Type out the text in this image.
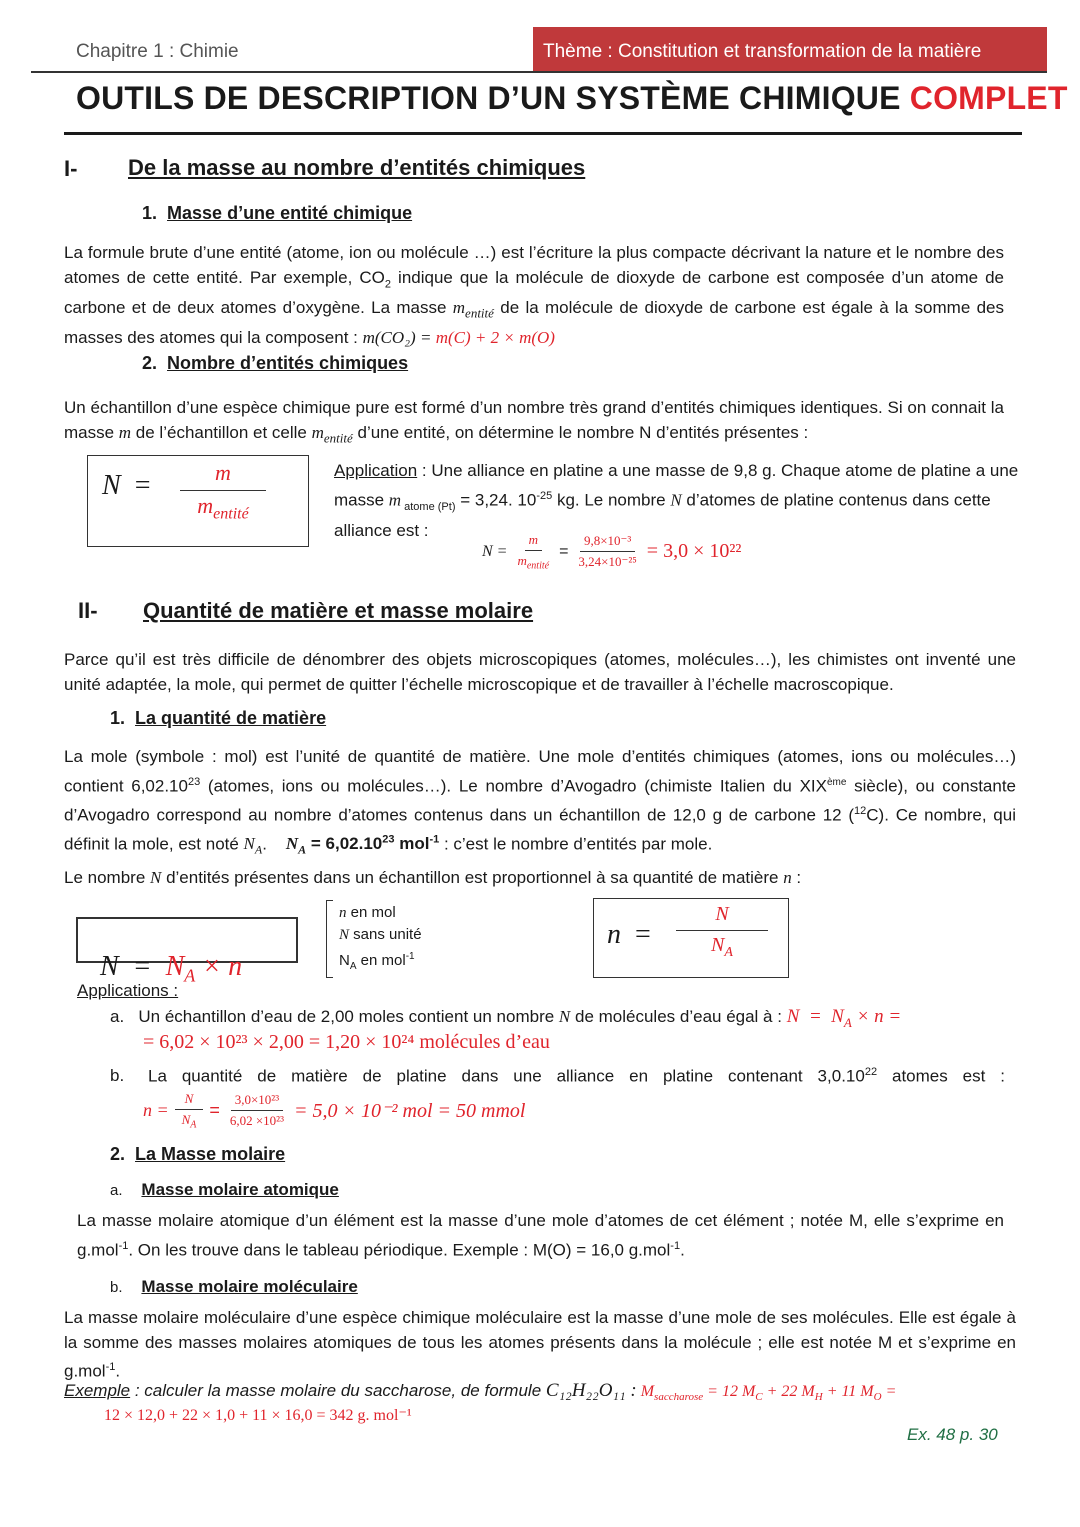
Chapitre 1 : Chimie	Thème : Constitution et transformation de la matière
OUTILS DE DESCRIPTION D’UN SYSTÈME CHIMIQUE COMPLET
I- De la masse au nombre d’entités chimiques
1. Masse d’une entité chimique
La formule brute d’une entité (atome, ion ou molécule …) est l’écriture la plus compacte décrivant la nature et le nombre des atomes de cette entité. Par exemple, $CO_2$ indique que la molécule de dioxyde de carbone est composée d’un atome de carbone et de deux atomes d’oxygène. La masse $m_{entité}$ de la molécule de dioxyde de carbone est égale à la somme des masses des atomes qui la composent : m(CO₂) = m(C) + 2 × m(O)
2. Nombre d’entités chimiques
Un échantillon d’une espèce chimique pure est formé d’un nombre très grand d’entités chimiques identiques. Si on connait la masse m de l’échantillon et celle $m_{entité}$ d’une entité, on détermine le nombre N d’entités présentes :
N =	m
$m_{entité}$
Application : Une alliance en platine a une masse de 9,8 g. Chaque atome de platine a une masse m $_{atome (Pt)}$ = 3,24. $10^{-25}$ kg. Le nombre N d’atomes de platine contenus dans cette alliance est :
$N = \frac{m}{m_{entité}} = \frac{\text{9,8×10⁻³}}{\text{3,24×10⁻²⁵}} = 3,0 \times 10^{22}$
II- Quantité de matière et masse molaire
Parce qu’il est très difficile de dénombrer des objets microscopiques (atomes, molécules…), les chimistes ont inventé une unité adaptée, la mole, qui permet de quitter l’échelle microscopique et de travailler à l’échelle macroscopique.
1. La quantité de matière
La mole (symbole : mol) est l’unité de quantité de matière. Une mole d’entités chimiques (atomes, ions ou molécules…) contient 6,02.10$^{23}$ (atomes, ions ou molécules…). Le nombre d’Avogadro (chimiste Italien du XIXème siècle), ou constante d’Avogadro correspond au nombre d’atomes contenus dans un échantillon de 12,0 g de carbone 12 ($^{12}$C). Ce nombre, qui définit la mole, est noté $N_A$.    $N_A = 6,02.10^{23}$ mol$^{-1}$ : c’est le nombre d’entités par mole.
Le nombre N d’entités présentes dans un échantillon est proportionnel à sa quantité de matière n :

$N = N_A \times n$

n en mol
N sans unité
$N_A$ en mol$^{-1}$
n =
N
$N_A$
Applications :
a. Un échantillon d’eau de 2,00 moles contient un nombre N de molécules d’eau égal à : $N = N_A \times n$ =
= 6,02 × 10²³ × 2,00 = 1,20 × 10²⁴ molécules d’eau
b. La quantité de matière de platine dans une alliance en platine contenant 3,0.10$^{22}$ atomes est :
$n = \frac{N}{N_A} = \frac{\text{3,0×10²³}}{\text{6,02 ×10²³}} = 5,0 \times 10^{-2}$ mol = 50 mmol
2. La Masse molaire
a. Masse molaire atomique
La masse molaire atomique d’un élément est la masse d’une mole d’atomes de cet élément ; notée M, elle s’exprime en g.mol$^{-1}$. On les trouve dans le tableau périodique. Exemple : M(O) = 16,0 g.mol$^{-1}$.
b. Masse molaire moléculaire
La masse molaire moléculaire d’une espèce chimique moléculaire est la masse d’une mole de ses molécules. Elle est égale à la somme des masses molaires atomiques de tous les atomes présents dans la molécule ; elle est notée M et s’exprime en g.mol$^{-1}$.
Exemple : calculer la masse molaire du saccharose, de formule C₁₂H₂₂O₁₁ : $M_{saccharose} = 12$ $M_C + 22$ $M_H + 11$ $M_O$ =
12 × 12,0 + 22 × 1,0 + 11 × 16,0 = 342 g. mol⁻¹
Ex. 48 p. 30
